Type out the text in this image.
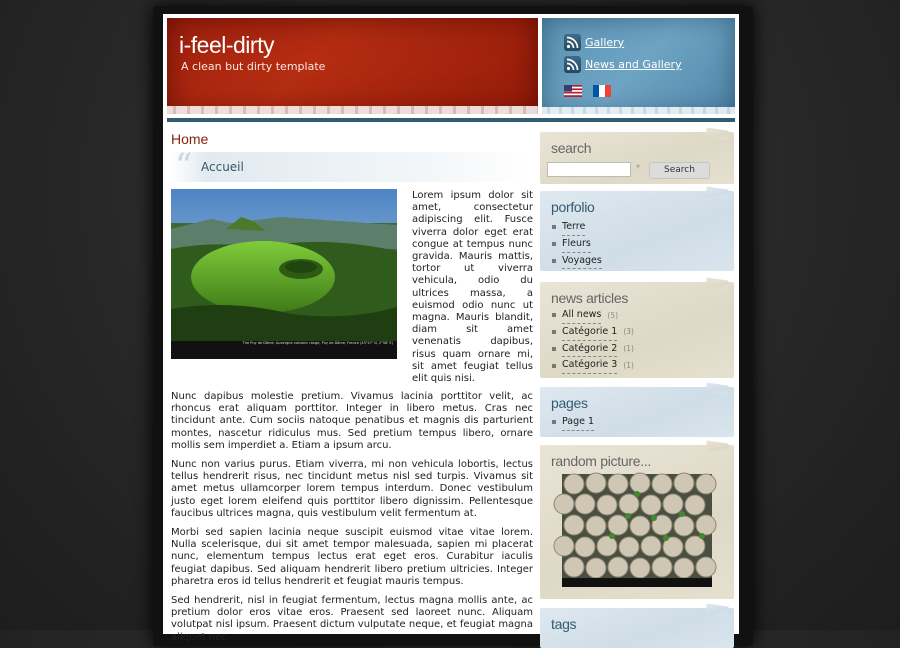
i-feel-dirty
A clean but dirty template
Gallery
News and Gallery
Home
“ Accueil
The Puy de Dôme, Auvergne volcanic range, Puy de Dôme, France (45°47' N, 2°58' E)
Lorem ipsum dolor sit amet, consectetur adipiscing elit. Fusce viverra dolor eget erat congue at tempus nunc gravida. Mauris mattis, tortor ut viverra vehicula, odio du ultrices massa, a euismod odio nunc ut magna. Mauris blandit, diam sit amet venenatis dapibus, risus quam ornare mi, sit amet feugiat tellus elit quis nisi.
Nunc dapibus molestie pretium. Vivamus lacinia porttitor velit, ac rhoncus erat aliquam porttitor. Integer in libero metus. Cras nec tincidunt ante. Cum sociis natoque penatibus et magnis dis parturient montes, nascetur ridiculus mus. Sed pretium tempus libero, ornare mollis sem imperdiet a. Etiam a ipsum arcu.
Nunc non varius purus. Etiam viverra, mi non vehicula lobortis, lectus tellus hendrerit risus, nec tincidunt metus nisl sed turpis. Vivamus sit amet metus ullamcorper lorem tempus interdum. Donec vestibulum justo eget lorem eleifend quis porttitor libero dignissim. Pellentesque faucibus ultrices magna, quis vestibulum velit fermentum at.
Morbi sed sapien lacinia neque suscipit euismod vitae vitae lorem. Nulla scelerisque, dui sit amet tempor malesuada, sapien mi placerat nunc, elementum tempus lectus erat eget eros. Curabitur iaculis feugiat dapibus. Sed aliquam hendrerit libero pretium ultricies. Integer pharetra eros id tellus hendrerit et feugiat mauris tempus.
Sed hendrerit, nisl in feugiat fermentum, lectus magna mollis ante, ac pretium dolor eros vitae eros. Praesent sed laoreet nunc. Aliquam volutpat nisl ipsum. Praesent dictum vulputate neque, et feugiat magna aliquet nec.
search
▾	Search
porfolio
Terre
Fleurs
Voyages
news articles
All news (5)
Catégorie 1 (3)
Catégorie 2 (1)
Catégorie 3 (1)
pages
Page 1
random picture...
tags
